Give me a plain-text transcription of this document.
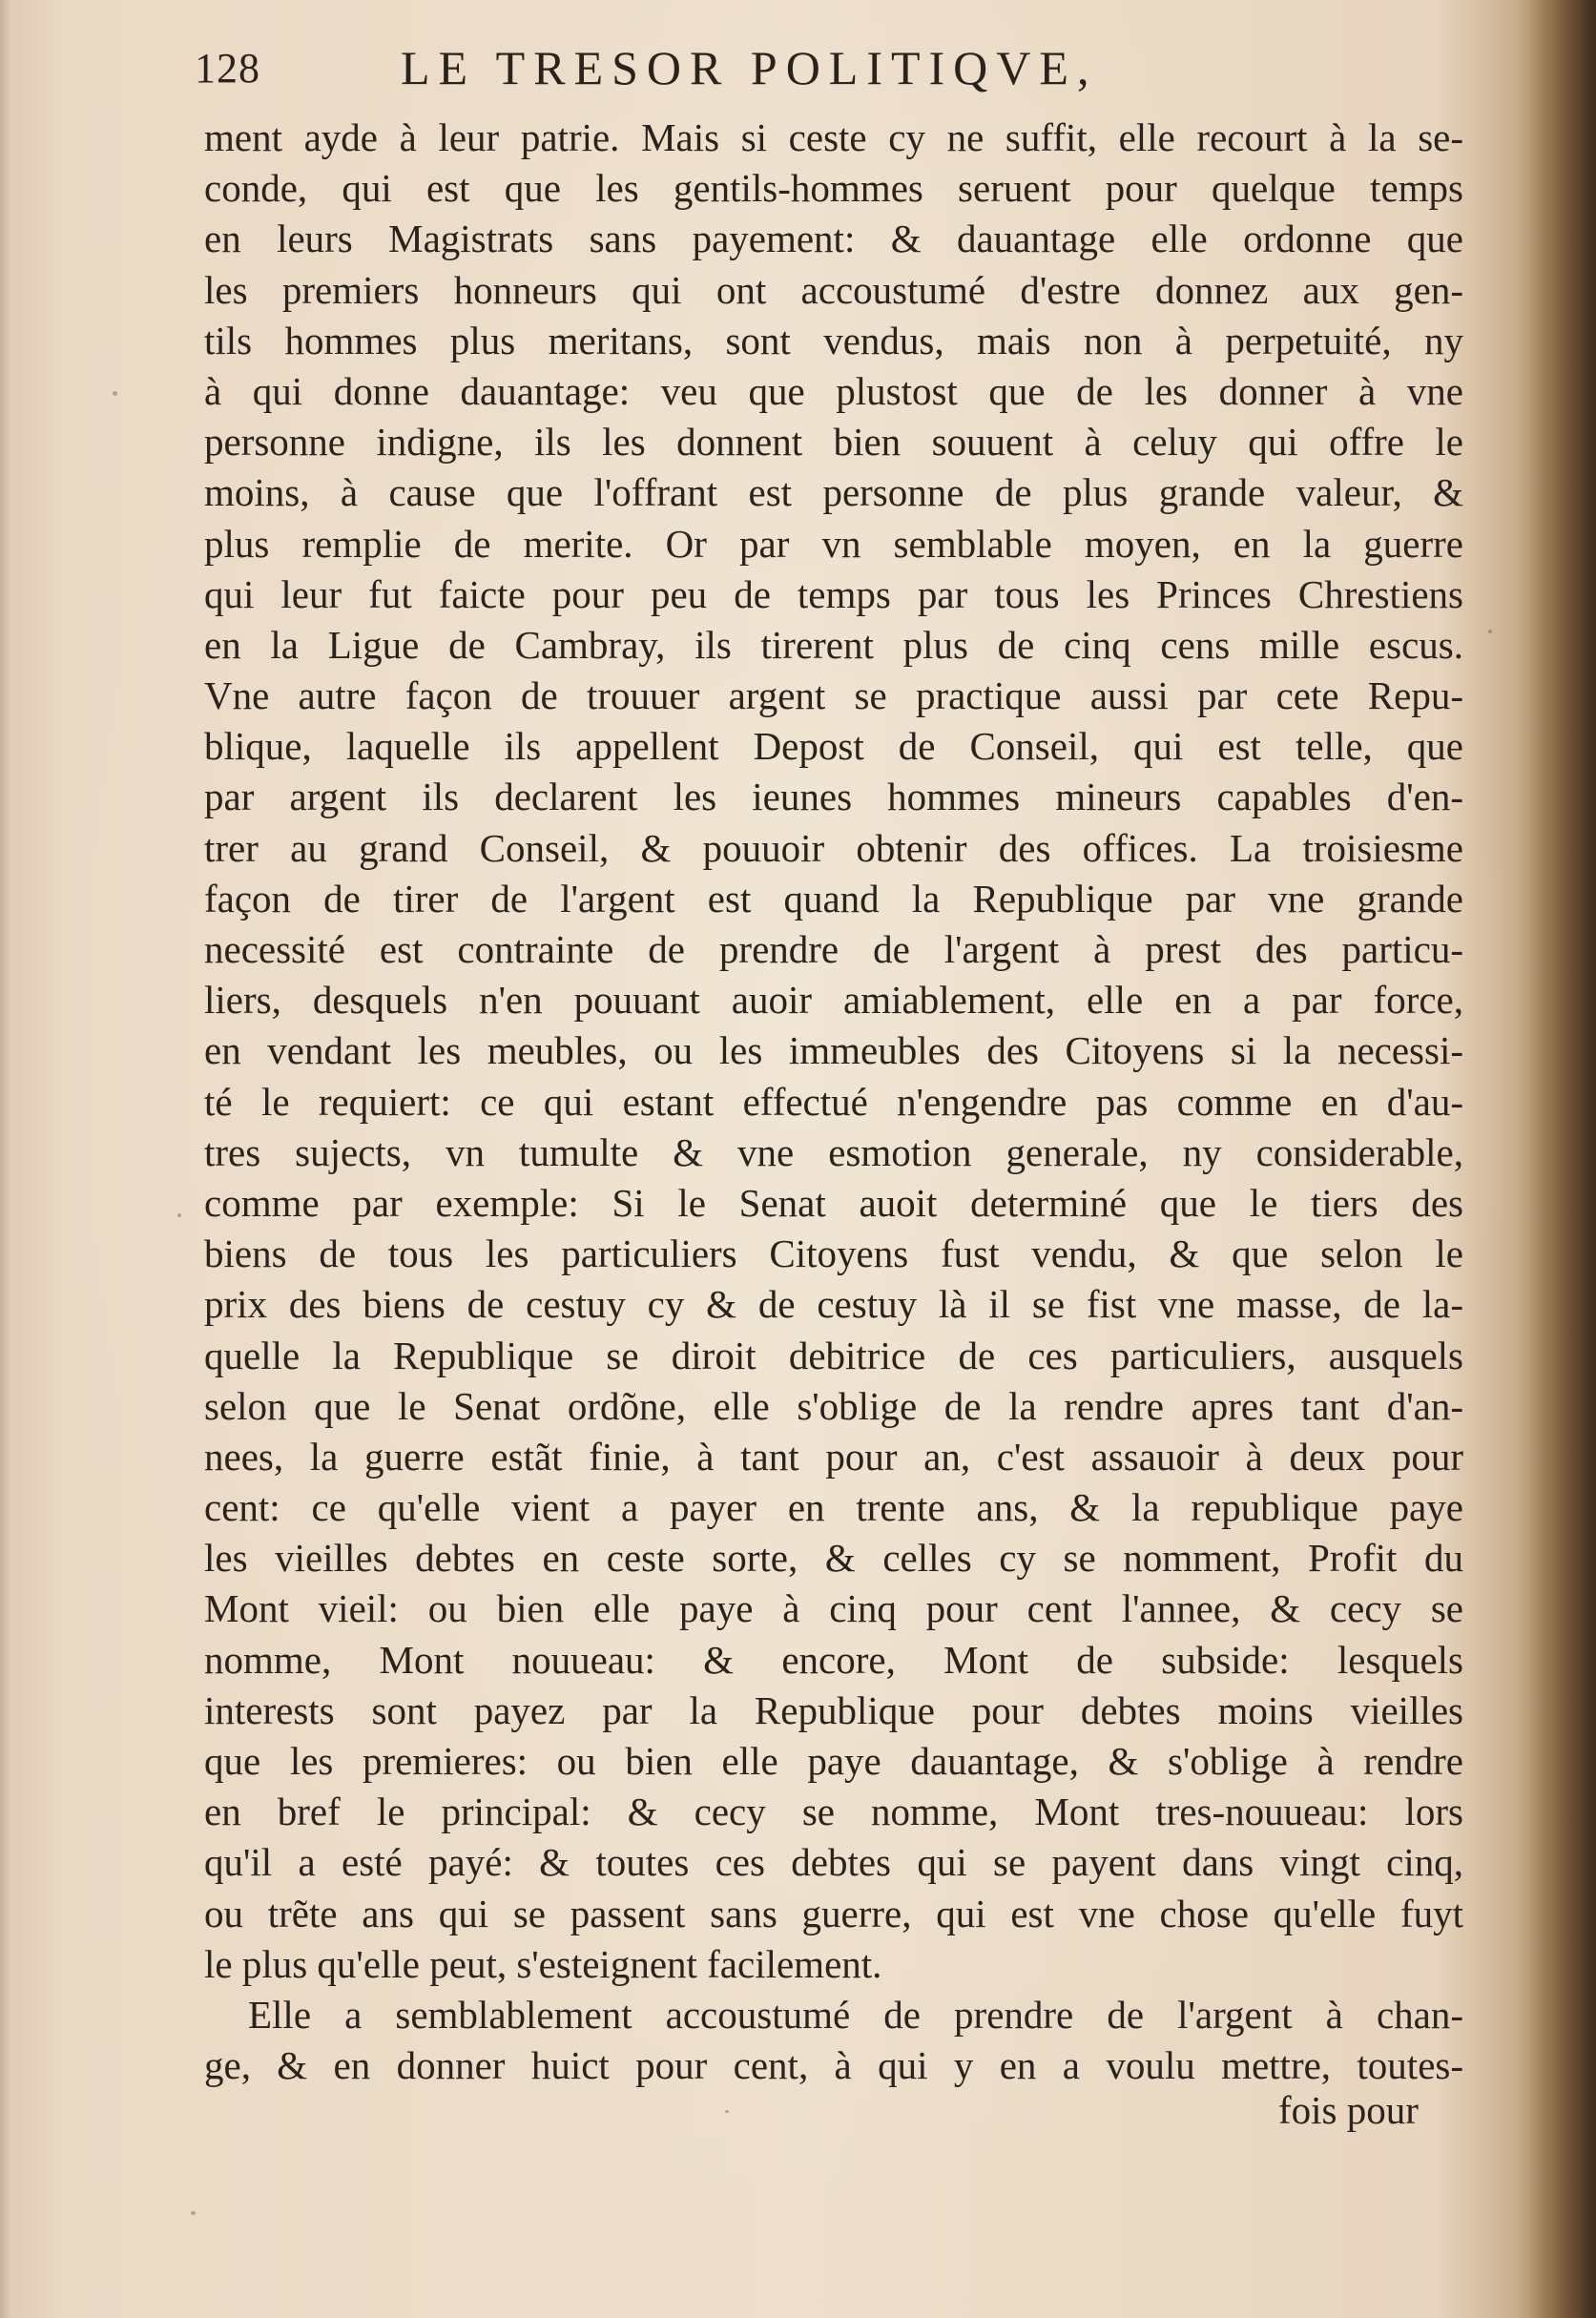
128	LE TRESOR POLITIQVE,
ment ayde à leur patrie. Mais si ceste cy ne suffit, elle recourt à la se-
conde, qui est que les gentils-hommes seruent pour quelque temps
en leurs Magistrats sans payement: & dauantage elle ordonne que
les premiers honneurs qui ont accoustumé d'estre donnez aux gen-
tils hommes plus meritans, sont vendus, mais non à perpetuité, ny
à qui donne dauantage: veu que plustost que de les donner à vne
personne indigne, ils les donnent bien souuent à celuy qui offre le
moins, à cause que l'offrant est personne de plus grande valeur, &
plus remplie de merite. Or par vn semblable moyen, en la guerre
qui leur fut faicte pour peu de temps par tous les Princes Chrestiens
en la Ligue de Cambray, ils tirerent plus de cinq cens mille escus.
Vne autre façon de trouuer argent se practique aussi par cete Repu-
blique, laquelle ils appellent Depost de Conseil, qui est telle, que
par argent ils declarent les ieunes hommes mineurs capables d'en-
trer au grand Conseil, & pouuoir obtenir des offices. La troisiesme
façon de tirer de l'argent est quand la Republique par vne grande
necessité est contrainte de prendre de l'argent à prest des particu-
liers, desquels n'en pouuant auoir amiablement, elle en a par force,
en vendant les meubles, ou les immeubles des Citoyens si la necessi-
té le requiert: ce qui estant effectué n'engendre pas comme en d'au-
tres sujects, vn tumulte & vne esmotion generale, ny considerable,
comme par exemple: Si le Senat auoit determiné que le tiers des
biens de tous les particuliers Citoyens fust vendu, & que selon le
prix des biens de cestuy cy & de cestuy là il se fist vne masse, de la-
quelle la Republique se diroit debitrice de ces particuliers, ausquels
selon que le Senat ordõne, elle s'oblige de la rendre apres tant d'an-
nees, la guerre estãt finie, à tant pour an, c'est assauoir à deux pour
cent: ce qu'elle vient a payer en trente ans, & la republique paye
les vieilles debtes en ceste sorte, & celles cy se nomment, Profit du
Mont vieil: ou bien elle paye à cinq pour cent l'annee, & cecy se
nomme, Mont nouueau: & encore, Mont de subside: lesquels
interests sont payez par la Republique pour debtes moins vieilles
que les premieres: ou bien elle paye dauantage, & s'oblige à rendre
en bref le principal: & cecy se nomme, Mont tres-nouueau: lors
qu'il a esté payé: & toutes ces debtes qui se payent dans vingt cinq,
ou trẽte ans qui se passent sans guerre, qui est vne chose qu'elle fuyt
le plus qu'elle peut, s'esteignent facilement.
Elle a semblablement accoustumé de prendre de l'argent à chan-
ge, & en donner huict pour cent, à qui y en a voulu mettre, toutes-
fois pour
